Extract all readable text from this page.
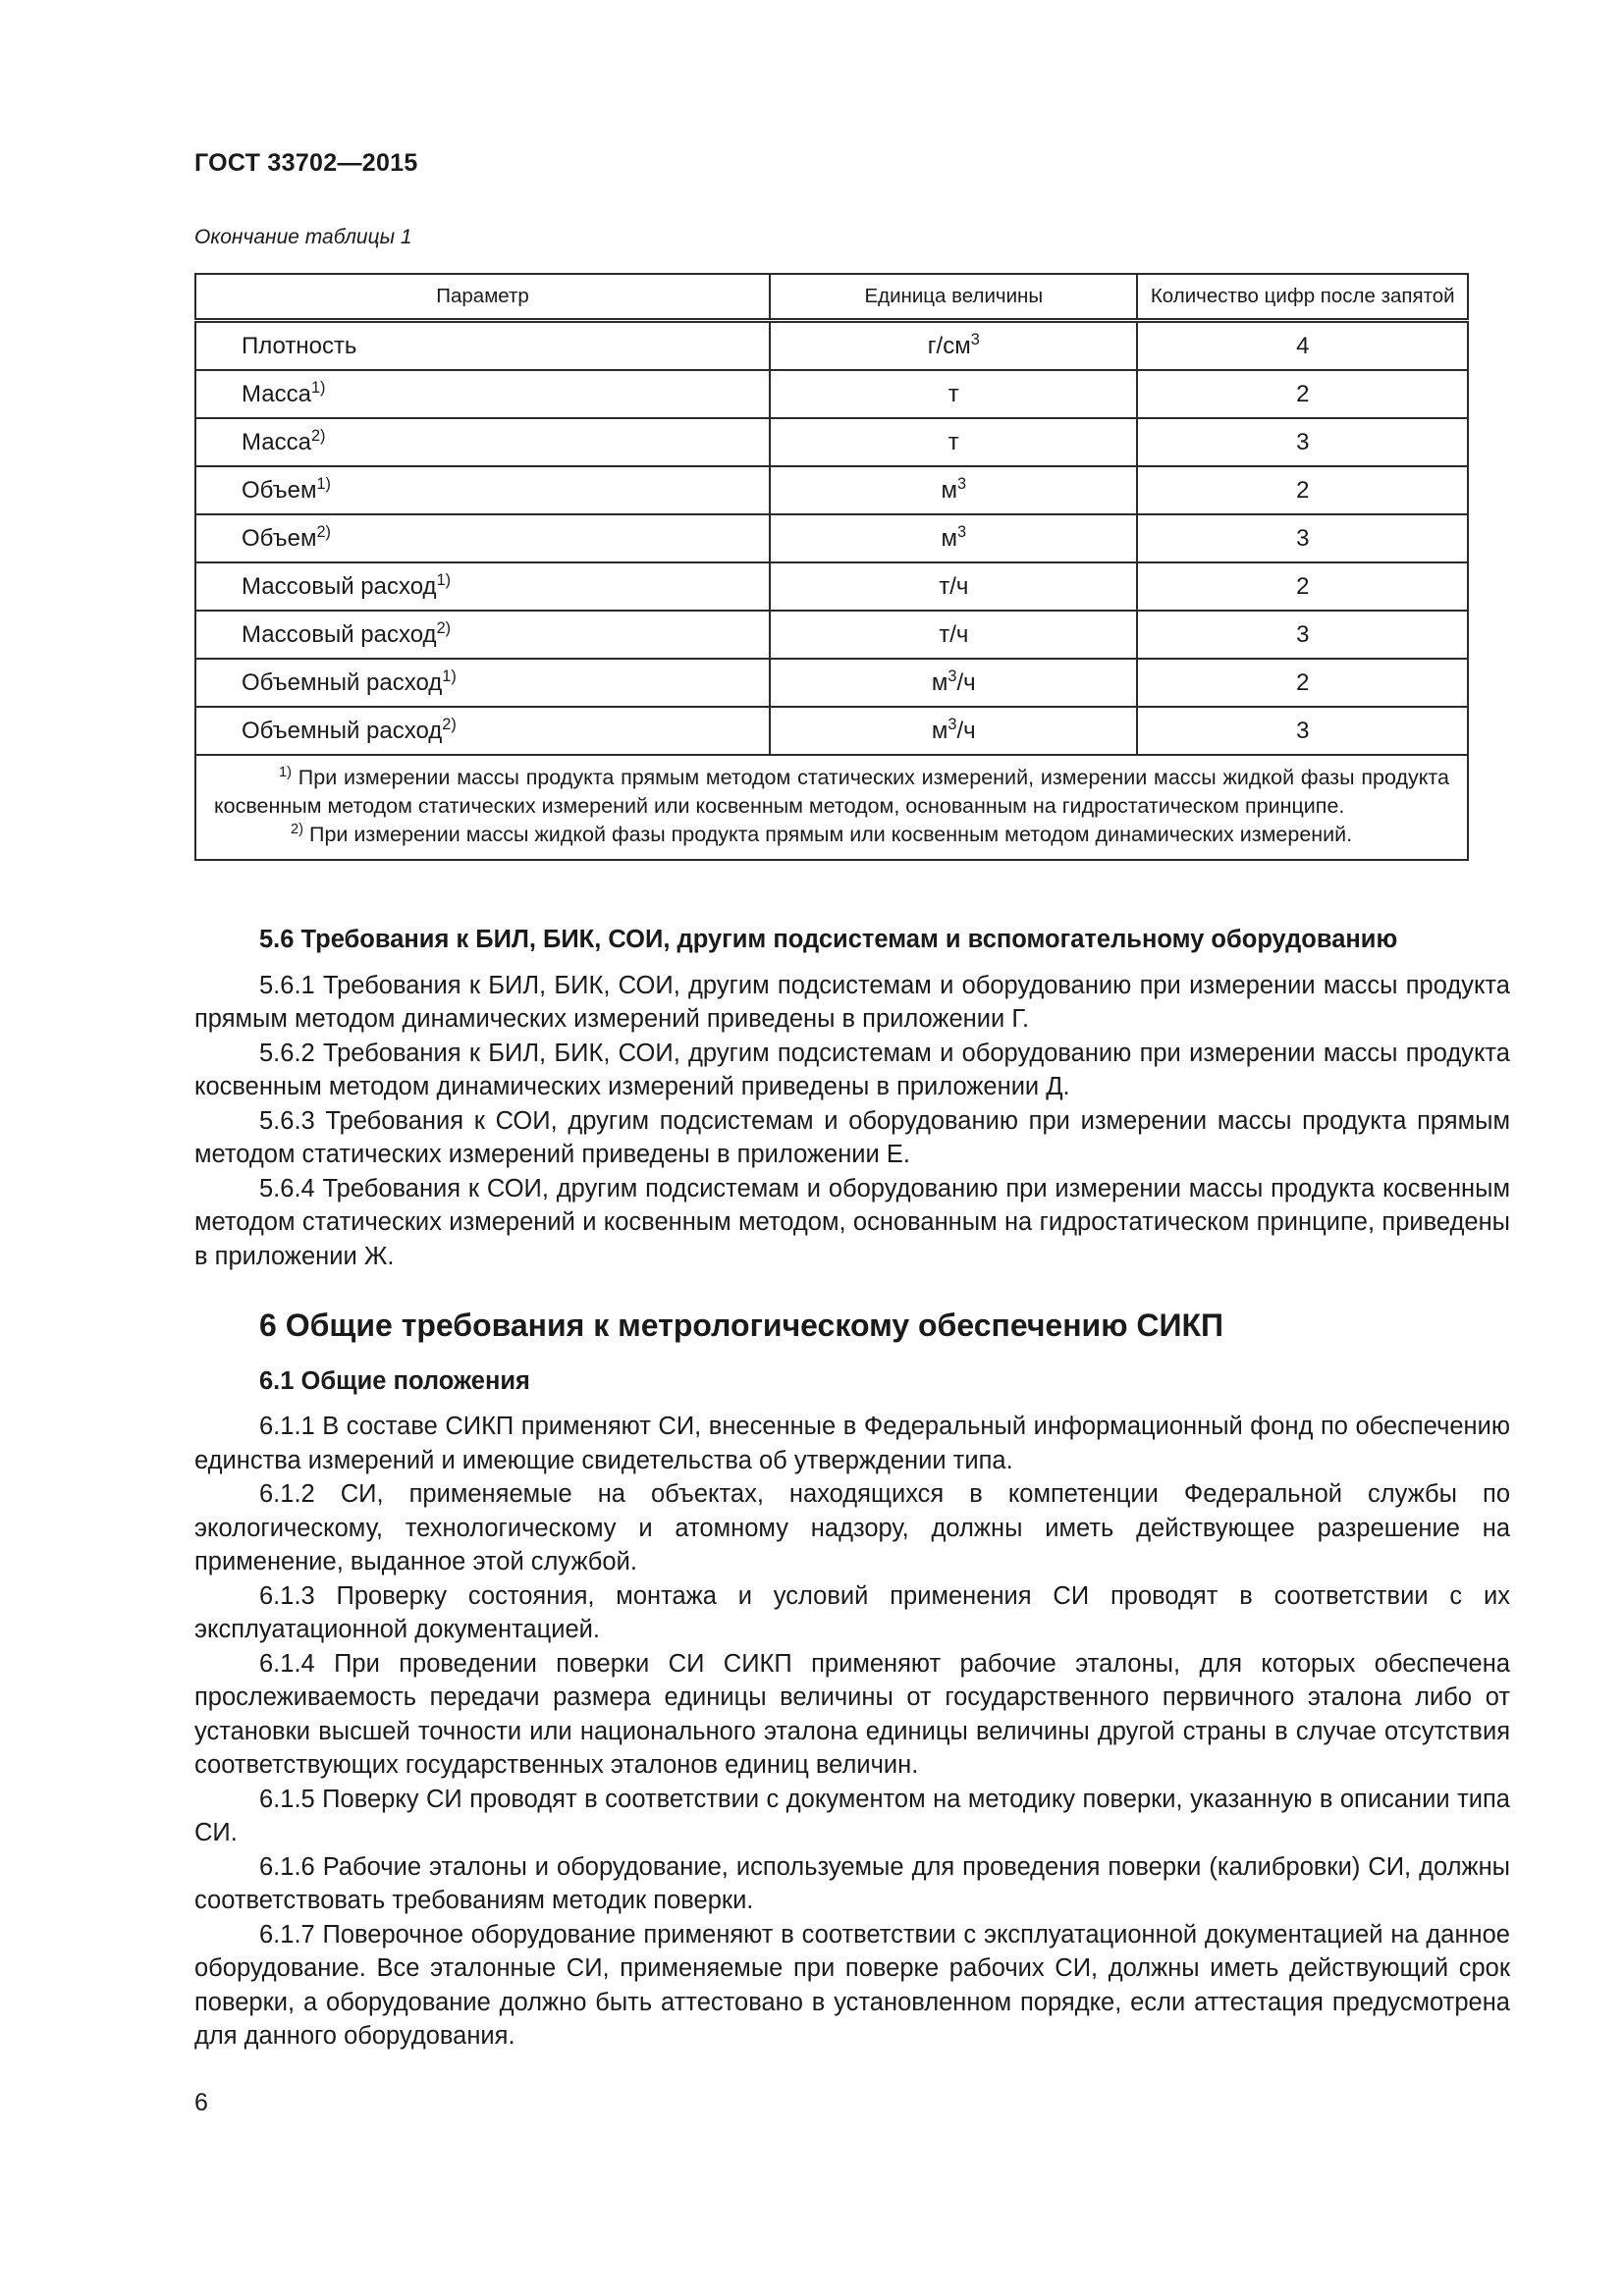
ГОСТ 33702—2015
Окончание таблицы 1
Параметр	Единица величины	Количество цифр после запятой
Плотность	$г/см^3$	4
Масса$^{1)}$	т	2
Масса$^{2)}$	т	3
Объем$^{1)}$	$м^3$	2
Объем$^{2)}$	$м^3$	3
Массовый расход$^{1)}$	т/ч	2
Массовый расход$^{2)}$	т/ч	3
Объемный расход$^{1)}$	$м^3/ч$	2
Объемный расход$^{2)}$	$м^3/ч$	3

$^{1)}$ При измерении массы продукта прямым методом статических измерений, измерении массы жидкой фазы продукта косвенным методом статических измерений или косвенным методом, основанным на гидростатическом принципе.

$^{2)}$ При измерении массы жидкой фазы продукта прямым или косвенным методом динамических измерений.		

5.6 Требования к БИЛ, БИК, СОИ, другим подсистемам и вспомогательному оборудованию

5.6.1 Требования к БИЛ, БИК, СОИ, другим подсистемам и оборудованию при измерении массы продукта прямым методом динамических измерений приведены в приложении Г.

5.6.2 Требования к БИЛ, БИК, СОИ, другим подсистемам и оборудованию при измерении массы продукта косвенным методом динамических измерений приведены в приложении Д.

5.6.3 Требования к СОИ, другим подсистемам и оборудованию при измерении массы продукта прямым методом статических измерений приведены в приложении Е.

5.6.4 Требования к СОИ, другим подсистемам и оборудованию при измерении массы продукта косвенным методом статических измерений и косвенным методом, основанным на гидростатическом принципе, приведены в приложении Ж.

6 Общие требования к метрологическому обеспечению СИКП
6.1 Общие положения

6.1.1 В составе СИКП применяют СИ, внесенные в Федеральный информационный фонд по обеспечению единства измерений и имеющие свидетельства об утверждении типа.

6.1.2 СИ, применяемые на объектах, находящихся в компетенции Федеральной службы по экологическому, технологическому и атомному надзору, должны иметь действующее разрешение на применение, выданное этой службой.

6.1.3 Проверку состояния, монтажа и условий применения СИ проводят в соответствии с их эксплуатационной документацией.

6.1.4 При проведении поверки СИ СИКП применяют рабочие эталоны, для которых обеспечена прослеживаемость передачи размера единицы величины от государственного первичного эталона либо от установки высшей точности или национального эталона единицы величины другой страны в случае отсутствия соответствующих государственных эталонов единиц величин.

6.1.5 Поверку СИ проводят в соответствии с документом на методику поверки, указанную в описании типа СИ.

6.1.6 Рабочие эталоны и оборудование, используемые для проведения поверки (калибровки) СИ, должны соответствовать требованиям методик поверки.

6.1.7 Поверочное оборудование применяют в соответствии с эксплуатационной документацией на данное оборудование. Все эталонные СИ, применяемые при поверке рабочих СИ, должны иметь действующий срок поверки, а оборудование должно быть аттестовано в установленном порядке, если аттестация предусмотрена для данного оборудования.

6
